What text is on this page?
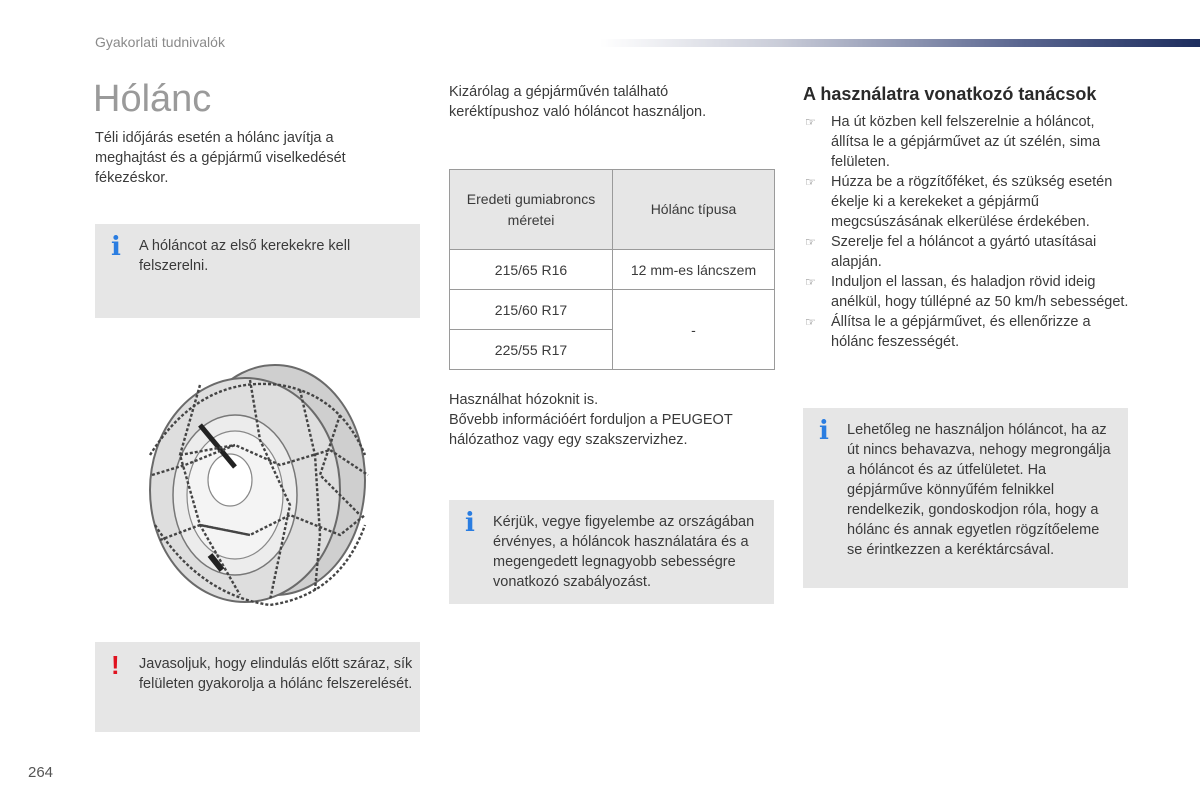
Gyakorlati tudnivalók
Hólánc
Téli időjárás esetén a hólánc javítja a meghajtást és a gépjármű viselkedését fékezéskor.
i A hóláncot az első kerekekre kell felszerelni.
! Javasoljuk, hogy elindulás előtt száraz, sík felületen gyakorolja a hólánc felszerelését.
Kizárólag a gépjárművén található keréktípushoz való hóláncot használjon.
Eredeti gumiabroncs méretei	Hólánc típusa
215/65 R16	12 mm-es láncszem
215/60 R17	-
225/55 R17	
Használhat hózoknit is.
Bővebb információért forduljon a PEUGEOT hálózathoz vagy egy szakszervizhez.
i Kérjük, vegye figyelembe az országában érvényes, a hóláncok használatára és a megengedett legnagyobb sebességre vonatkozó szabályozást.
A használatra vonatkozó tanácsok
☞ Ha út közben kell felszerelnie a hóláncot, állítsa le a gépjárművet az út szélén, sima felületen.
☞ Húzza be a rögzítőféket, és szükség esetén ékelje ki a kerekeket a gépjármű megcsúszásának elkerülése érdekében.
☞ Szerelje fel a hóláncot a gyártó utasításai alapján.
☞ Induljon el lassan, és haladjon rövid ideig anélkül, hogy túllépné az 50 km/h sebességet.
☞ Állítsa le a gépjárművet, és ellenőrizze a hólánc feszességét.
i Lehetőleg ne használjon hóláncot, ha az út nincs behavazva, nehogy megrongálja a hóláncot és az útfelületet. Ha gépjárműve könnyűfém felnikkel rendelkezik, gondoskodjon róla, hogy a hólánc és annak egyetlen rögzítőeleme se érintkezzen a keréktárcsával.
264
